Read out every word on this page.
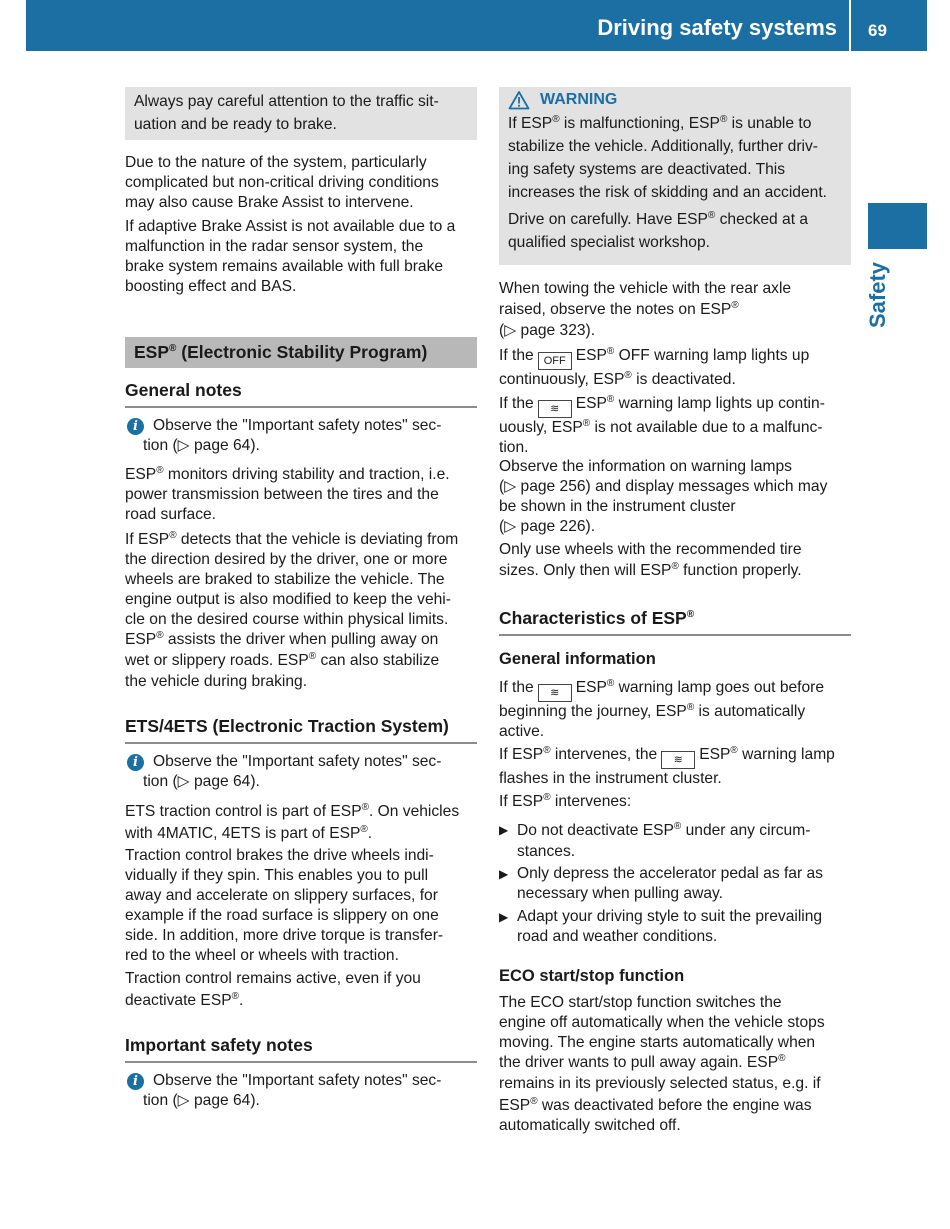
Driving safety systems 69
Safety

Always pay careful attention to the traffic sit-

uation and be ready to brake.

Due to the nature of the system, particularly

complicated but non-critical driving conditions

may also cause Brake Assist to intervene.

If adaptive Brake Assist is not available due to a

malfunction in the radar sensor system, the

brake system remains available with full brake

boosting effect and BAS.

ESP® (Electronic Stability Program)
General notes
i Observe the "Important safety notes" sec-

tion (▷ page 64).

ESP® monitors driving stability and traction, i.e.

power transmission between the tires and the

road surface.

If ESP® detects that the vehicle is deviating from

the direction desired by the driver, one or more

wheels are braked to stabilize the vehicle. The

engine output is also modified to keep the vehi-

cle on the desired course within physical limits.

ESP® assists the driver when pulling away on

wet or slippery roads. ESP® can also stabilize

the vehicle during braking.

ETS/4ETS (Electronic Traction System)
i Observe the "Important safety notes" sec-

tion (▷ page 64).

ETS traction control is part of ESP®. On vehicles

with 4MATIC, 4ETS is part of ESP®.

Traction control brakes the drive wheels indi-

vidually if they spin. This enables you to pull

away and accelerate on slippery surfaces, for

example if the road surface is slippery on one

side. In addition, more drive torque is transfer-

red to the wheel or wheels with traction.

Traction control remains active, even if you

deactivate ESP®.

Important safety notes
i Observe the "Important safety notes" sec-

tion (▷ page 64).

WARNING

If ESP® is malfunctioning, ESP® is unable to

stabilize the vehicle. Additionally, further driv-

ing safety systems are deactivated. This

increases the risk of skidding and an accident.

Drive on carefully. Have ESP® checked at a

qualified specialist workshop.

When towing the vehicle with the rear axle

raised, observe the notes on ESP®

(▷ page 323).

If the OFF ESP® OFF warning lamp lights up

continuously, ESP® is deactivated.

If the ≋ ESP® warning lamp lights up contin-

uously, ESP® is not available due to a malfunc-

tion.

Observe the information on warning lamps

(▷ page 256) and display messages which may

be shown in the instrument cluster

(▷ page 226).

Only use wheels with the recommended tire

sizes. Only then will ESP® function properly.

Characteristics of ESP®
General information

If the ≋ ESP® warning lamp goes out before

beginning the journey, ESP® is automatically

active.

If ESP® intervenes, the ≋ ESP® warning lamp

flashes in the instrument cluster.

If ESP® intervenes:

▶ Do not deactivate ESP® under any circum-

stances.

▶ Only depress the accelerator pedal as far as

necessary when pulling away.

▶ Adapt your driving style to suit the prevailing

road and weather conditions.

ECO start/stop function

The ECO start/stop function switches the

engine off automatically when the vehicle stops

moving. The engine starts automatically when

the driver wants to pull away again. ESP®

remains in its previously selected status, e.g. if

ESP® was deactivated before the engine was

automatically switched off.
